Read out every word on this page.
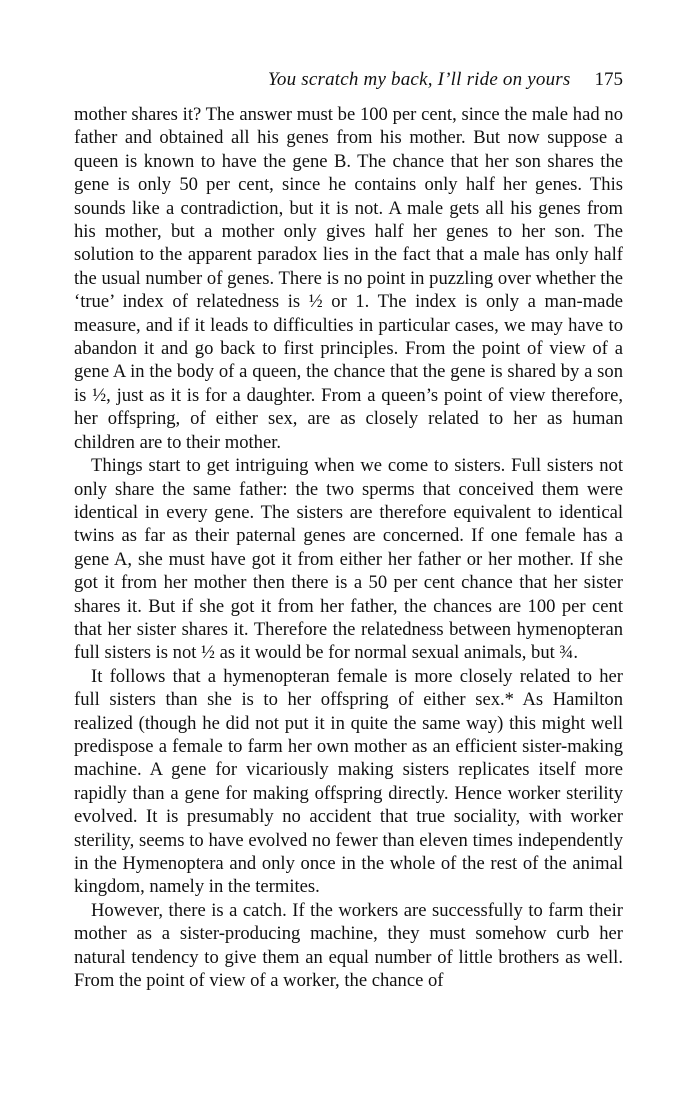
You scratch my back, I’ll ride on yours 175

mother shares it? The answer must be 100 per cent, since the male had no father and obtained all his genes from his mother. But now suppose a queen is known to have the gene B. The chance that her son shares the gene is only 50 per cent, since he contains only half her genes. This sounds like a contradiction, but it is not. A male gets all his genes from his mother, but a mother only gives half her genes to her son. The solution to the apparent paradox lies in the fact that a male has only half the usual number of genes. There is no point in puzzling over whether the ‘true’ index of relatedness is ½ or 1. The index is only a man-made measure, and if it leads to difficulties in particular cases, we may have to abandon it and go back to first principles. From the point of view of a gene A in the body of a queen, the chance that the gene is shared by a son is ½, just as it is for a daughter. From a queen’s point of view therefore, her offspring, of either sex, are as closely related to her as human children are to their mother.

Things start to get intriguing when we come to sisters. Full sisters not only share the same father: the two sperms that conceived them were identical in every gene. The sisters are therefore equivalent to identical twins as far as their paternal genes are concerned. If one female has a gene A, she must have got it from either her father or her mother. If she got it from her mother then there is a 50 per cent chance that her sister shares it. But if she got it from her father, the chances are 100 per cent that her sister shares it. Therefore the relatedness between hymenopteran full sisters is not ½ as it would be for normal sexual animals, but ¾.

It follows that a hymenopteran female is more closely related to her full sisters than she is to her offspring of either sex.* As Hamilton realized (though he did not put it in quite the same way) this might well predispose a female to farm her own mother as an efficient sister-making machine. A gene for vicariously making sisters replicates itself more rapidly than a gene for making offspring directly. Hence worker sterility evolved. It is presumably no accident that true sociality, with worker sterility, seems to have evolved no fewer than eleven times independently in the Hymenoptera and only once in the whole of the rest of the animal kingdom, namely in the termites.

However, there is a catch. If the workers are successfully to farm their mother as a sister-producing machine, they must somehow curb her natural tendency to give them an equal number of little brothers as well. From the point of view of a worker, the chance of
